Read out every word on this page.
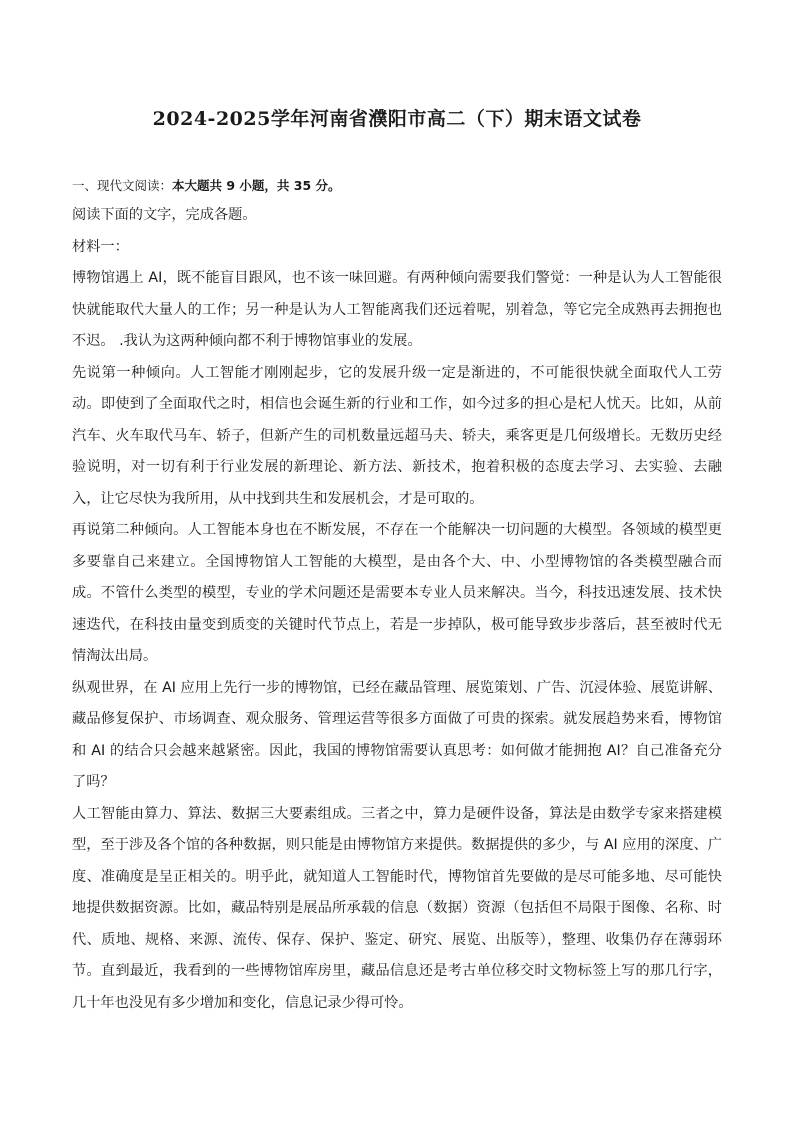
2024-2025学年河南省濮阳市高二（下）期末语文试卷

一、现代文阅读：本大题共 9 小题，共 35 分。

阅读下面的文字，完成各题。

材料一：

博物馆遇上 AI，既不能盲目跟风，也不该一味回避。有两种倾向需要我们警觉：一种是认为人工智能很快就能取代大量人的工作；另一种是认为人工智能离我们还远着呢，别着急，等它完全成熟再去拥抱也不迟。 .我认为这两种倾向都不利于博物馆事业的发展。

先说第一种倾向。人工智能才刚刚起步，它的发展升级一定是渐进的，不可能很快就全面取代人工劳动。即使到了全面取代之时，相信也会诞生新的行业和工作，如今过多的担心是杞人忧天。比如，从前汽车、火车取代马车、轿子，但新产生的司机数量远超马夫、轿夫，乘客更是几何级增长。无数历史经验说明，对一切有利于行业发展的新理论、新方法、新技术，抱着积极的态度去学习、去实验、去融入，让它尽快为我所用，从中找到共生和发展机会，才是可取的。

再说第二种倾向。人工智能本身也在不断发展，不存在一个能解决一切问题的大模型。各领域的模型更多要靠自己来建立。全国博物馆人工智能的大模型，是由各个大、中、小型博物馆的各类模型融合而成。不管什么类型的模型，专业的学术问题还是需要本专业人员来解决。当今，科技迅速发展、技术快速迭代，在科技由量变到质变的关键时代节点上，若是一步掉队，极可能导致步步落后，甚至被时代无情淘汰出局。

纵观世界，在 AI 应用上先行一步的博物馆，已经在藏品管理、展览策划、广告、沉浸体验、展览讲解、藏品修复保护、市场调查、观众服务、管理运营等很多方面做了可贵的探索。就发展趋势来看，博物馆和 AI 的结合只会越来越紧密。因此，我国的博物馆需要认真思考：如何做才能拥抱 AI？自己准备充分了吗？

人工智能由算力、算法、数据三大要素组成。三者之中，算力是硬件设备，算法是由数学专家来搭建模型，至于涉及各个馆的各种数据，则只能是由博物馆方来提供。数据提供的多少，与 AI 应用的深度、广度、准确度是呈正相关的。明乎此，就知道人工智能时代，博物馆首先要做的是尽可能多地、尽可能快地提供数据资源。比如，藏品特别是展品所承载的信息（数据）资源（包括但不局限于图像、名称、时代、质地、规格、来源、流传、保存、保护、鉴定、研究、展览、出版等），整理、收集仍存在薄弱环节。直到最近，我看到的一些博物馆库房里，藏品信息还是考古单位移交时文物标签上写的那几行字，几十年也没见有多少增加和变化，信息记录少得可怜。
